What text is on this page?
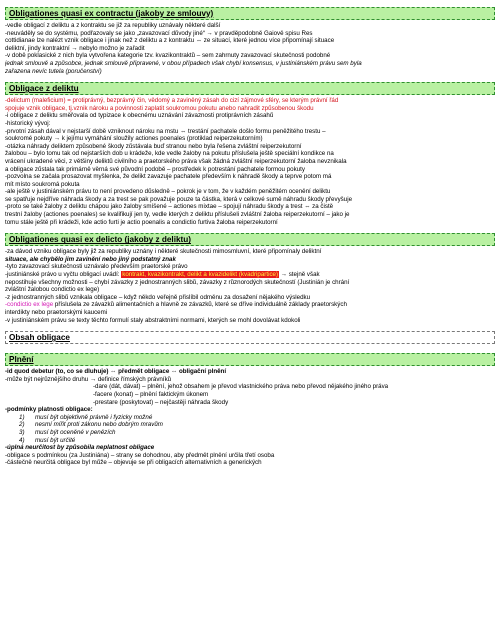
Obligationes quasi ex contractu (jakoby ze smlouvy)
-vedle obligací z deliktu a z kontraktu se již za republiky uznávaly některé další
-neuváděly se do systému, podřazovaly se jako „zavazovací důvody jiné“ → v pravděpodobně Gaiově spisu Res
cottidianae lze nalézt vznik obligace i jinak než z deliktu a z kontraktu ⇔ ze situací, které jednou více připomínají situace
deliktní, jindy kontraktní → nebylo možno je zařadit
-v době poklasické z nich byla vytvořena kategorie tzv. kvazikontraktů – sem zahrnuty zavazovací skutečnosti podobné
jednak smlouvě a způsobce, jednak smlouvě připravené, v obou případech však chybí konsensus, v justiniánském právu sem byla
zařazena nevíc tutela (poručenství)
Obligace z deliktu
-delictum (maleficium) = protiprávný, bezprávný čin, vědomý a zaviněný zásah do cizí zájmové sféry, se kterým právní řád
spojuje vznik obligace, tj.vznik nároku a povinnosti zaplatit soukromou pokutu anebo nahradit způsobenou škodu
-i obligace z deliktu směřovala od typizace k obecnému uznávání závaznosti protiprávních zásahů
-historický vývoj:
-prvotní zásah dával v nejstarší době vzniknout nároku na mstu ⇔ trestání pachatele došlo formu peněžitého trestu –
soukromé pokuty → k jejímu vymáhání sloužily actiones poenales (protiklad reiperzekutorním)
-otázka náhrady deliktem způsobené škody zůstávala buď stranou nebo byla řešena zvláštní reiperzekutorní
žalobou – bylo tomu tak od nejstarších dob u krádeže, kde vedle žaloby na pokutu příslušela ještě speciální kondikce na
vrácení ukradené věci, z většiny deliktů civilního a praetorského práva však žádná zvláštní reiperzekutorní žaloba nevznikala
a obligace zůstala tak primárně věrná své původní podobě – prostředek k potrestání pachatele formou pokuty
-pozvolna se začala prosazovat myšlenka, že delikt zavazuje pachatele především k náhradě škody a teprve potom má
mít místo soukromá pokuta
-ale ještě v justiniánském právu to není provedeno důsledně – pokrok je v tom, že v každém peněžitém ocenění deliktu
se spatřuje nejdříve náhrada škody a za trest se pak považuje pouze ta částka, která v celkové sumě náhradu škody převyšuje
-proto se také žaloby z deliktu chápou jako žaloby smíšené – actiones mixtae – spojují náhradu škody a trest ⇔ za čistě
trestní žaloby (actiones poenales) se kvalifikují jen ty, vedle kterých z deliktu příslušeli zvláštní žaloba reiperzekutorní – jako je
tomu stále ještě při krádeži, kde actio furti je actio poenalis a condictio furtiva žaloba reiperzekutorní
Obligationes quasi ex delicto (jakoby z deliktu)
-za dávod vzniku obligace byly již za republiky uznány i některé skutečnosti mimosmluvní, které připomínaly deliktní
situace, ale chybělo jim zavinění nebo jiný podstatný znak
-tyto zavazovací skutečnosti uznávalo především praetorské právo
-justiniánské právo u vyčtu obligací uvádí: kontrakt, kvazikontrakt, delikt a kvazidelikt (kvadripartice) → stejně však
nepostihuje všechny možnosti – chybí závazky z jednostranných slibů, závazky z různorodých skutečností (Justinián je chrání
zvláštní žalobou condictio ex lege)
-z jednostranných slibů vznikala obligace – když někdo veřejně přislíbil odměnu za dosažení nějakého výsledku
-condictio ex lege příslušela ze závazků alimentačních a hlavně ze závazků, které se dříve individuálně základy praetorských
interdikty nebo praetorskými kaucemi
-v justiniánském právu se texty těchto formulí staly abstraktními normami, kterých se mohl dovolávat kdokoli
Obsah obligace
Plnění
-id quod debetur (to, co se dluhuje) ⇔ předmět obligace ⇔ obligační plnění
-může být nejrůznějšího druhu → definice římských právníků
-dare (dát, dávat) – plnění, jehož obsahem je převod vlastnického práva nebo převod nějakého jiného práva
-facere (konat) – plnění faktickým úkonem
-prestare (poskytovat) – nejčastěji náhrada škody
-podmínky platnosti obligace:
1) musí být objektivně právně i fyzicky možné
2) nesmí mířit proti zákonu nebo dobrým mravům
3) musí být oceněné v penězích
4) musí být určité
-úplná neurčitost by způsobila neplatnost obligace
-obligace s podmínkou (za Justiniána) – strany se dohodnou, aby předmět plnění určila třetí osoba
-částečně neurčitá obligace byl může – objevuje se při obligacích alternativních a generických
